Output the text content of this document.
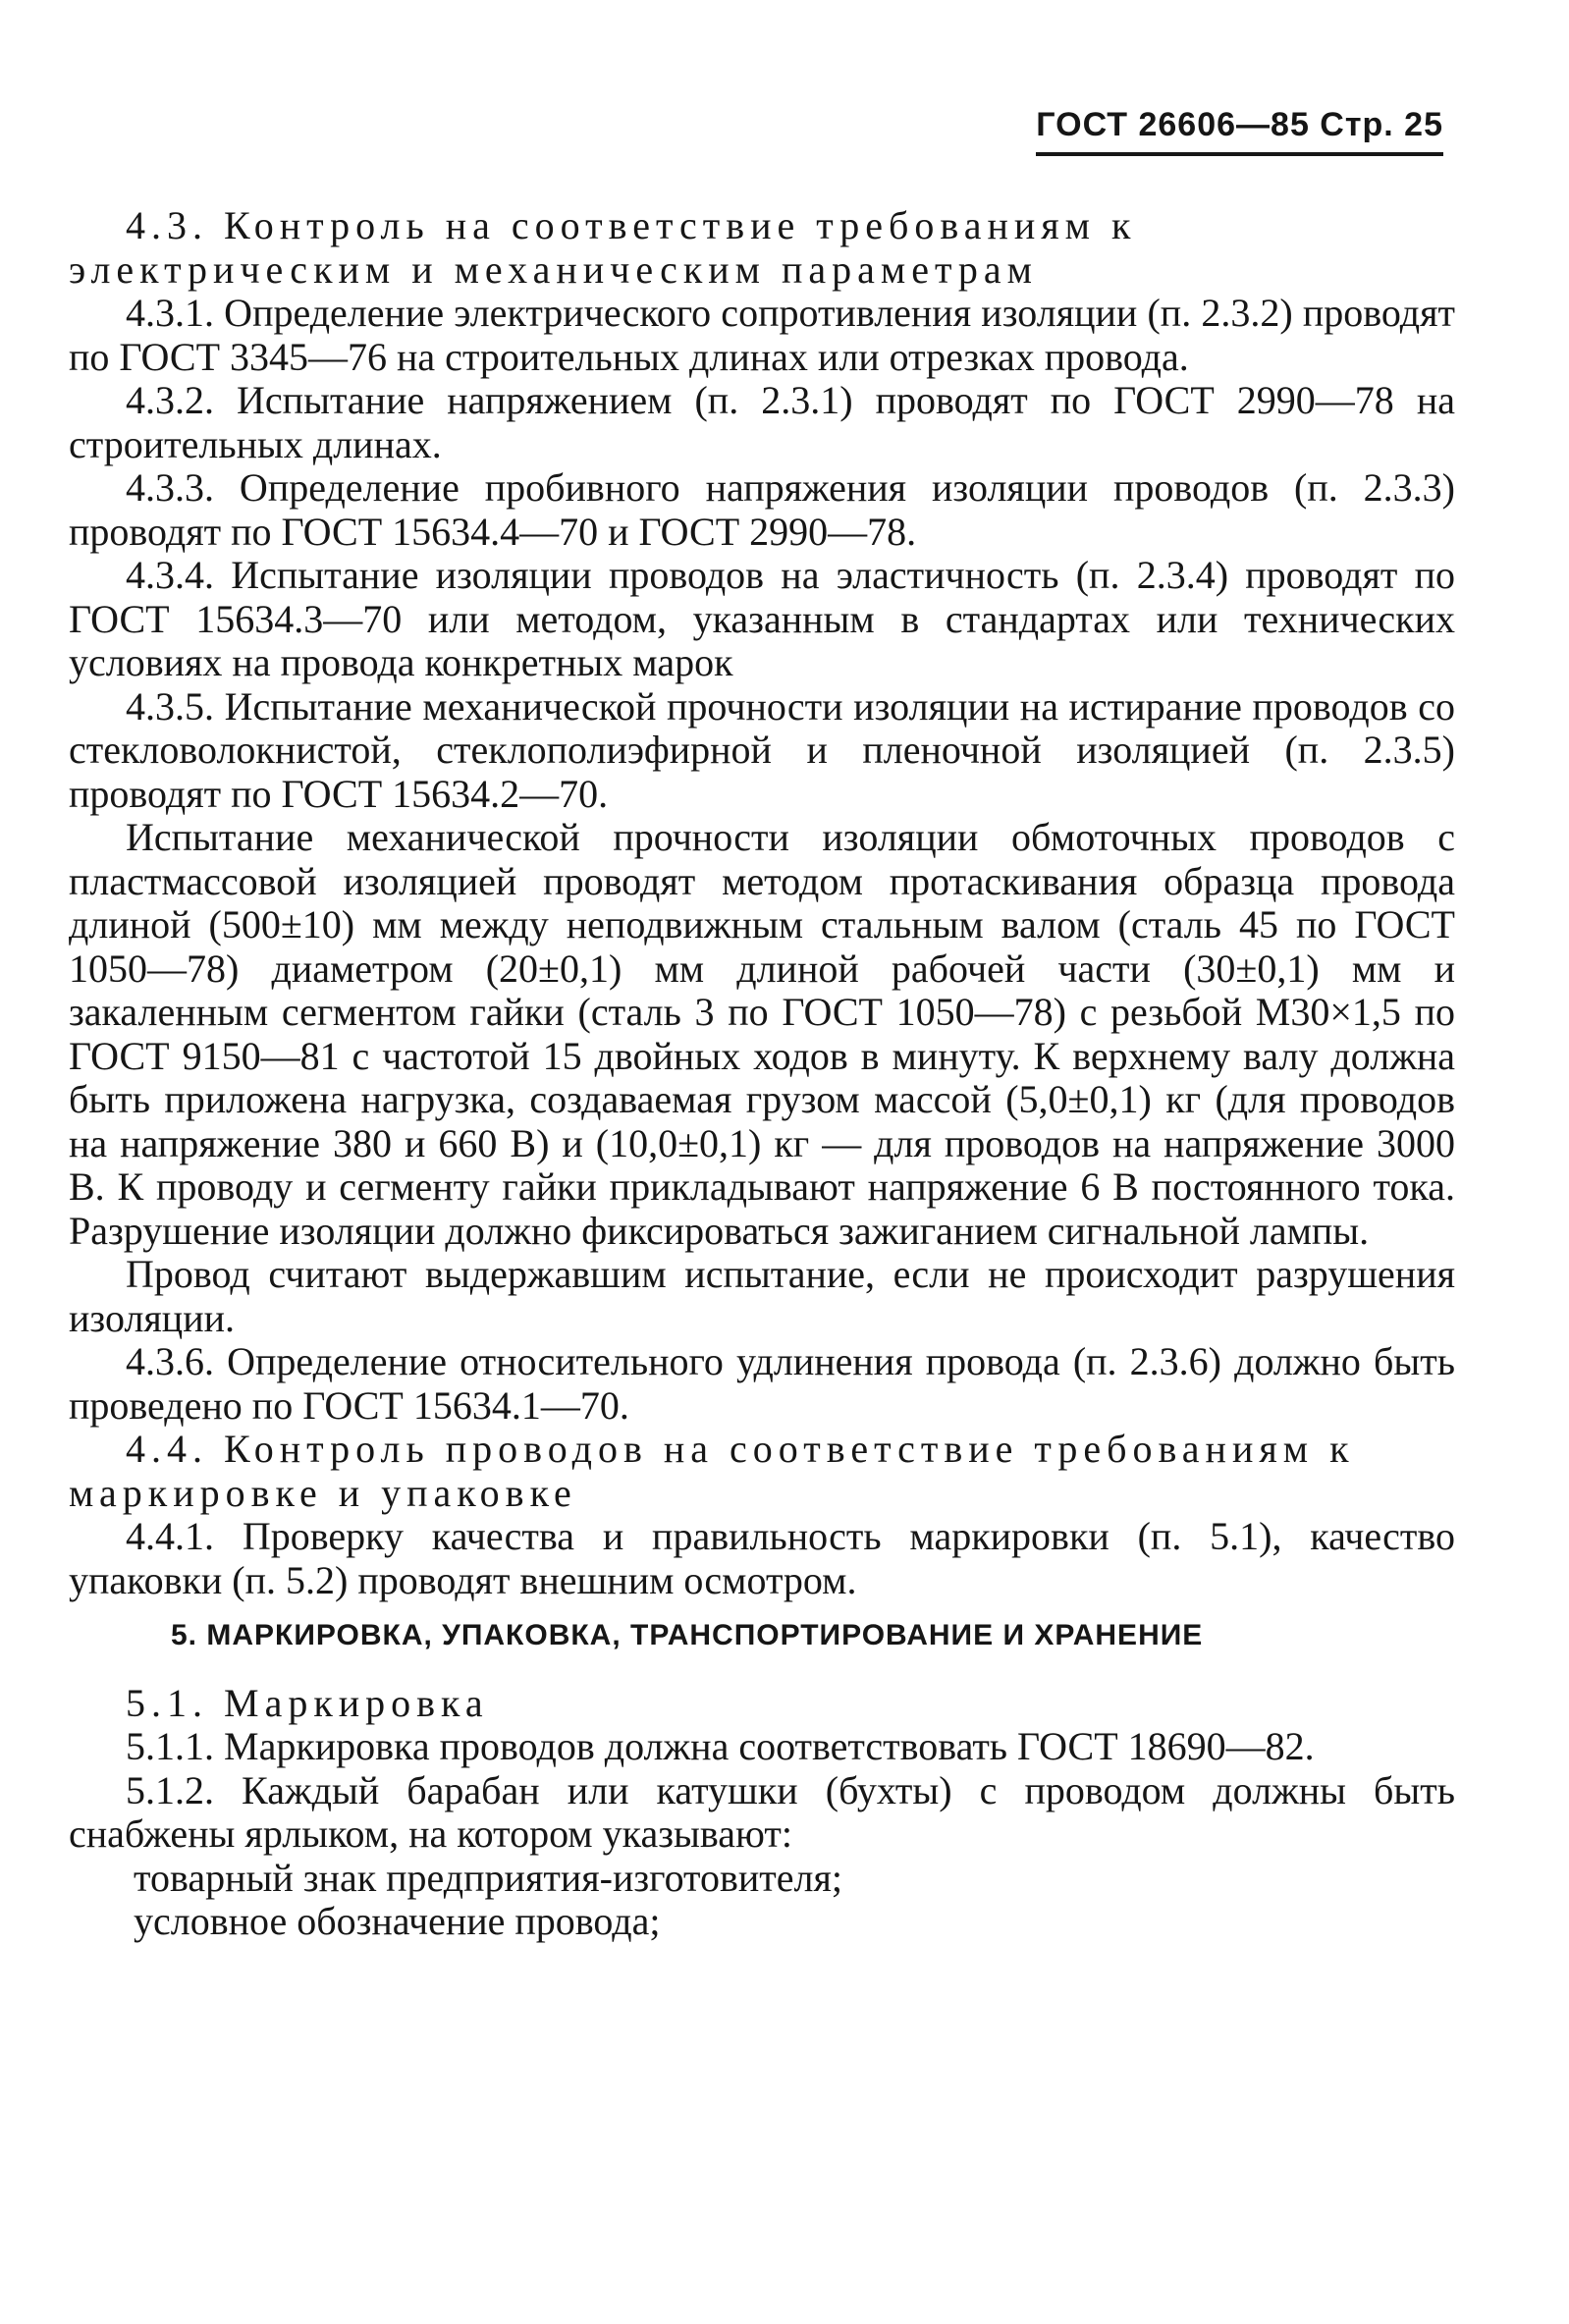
ГОСТ 26606—85 Стр. 25

4.3. Контроль на соответствие требованиям к электрическим и механическим параметрам

4.3.1. Определение электрического сопротивления изоляции (п. 2.3.2) проводят по ГОСТ 3345—76 на строительных длинах или отрезках провода.

4.3.2. Испытание напряжением (п. 2.3.1) проводят по ГОСТ 2990—78 на строительных длинах.

4.3.3. Определение пробивного напряжения изоляции проводов (п. 2.3.3) проводят по ГОСТ 15634.4—70 и ГОСТ 2990—78.

4.3.4. Испытание изоляции проводов на эластичность (п. 2.3.4) проводят по ГОСТ 15634.3—70 или методом, указанным в стандартах или технических условиях на провода конкретных марок

4.3.5. Испытание механической прочности изоляции на истирание проводов со стекловолокнистой, стеклополиэфирной и пленочной изоляцией (п. 2.3.5) проводят по ГОСТ 15634.2—70.

Испытание механической прочности изоляции обмоточных проводов с пластмассовой изоляцией проводят методом протаскивания образца провода длиной (500±10) мм между неподвижным стальным валом (сталь 45 по ГОСТ 1050—78) диаметром (20±0,1) мм длиной рабочей части (30±0,1) мм и закаленным сегментом гайки (сталь 3 по ГОСТ 1050—78) с резьбой М30×1,5 по ГОСТ 9150—81 с частотой 15 двойных ходов в минуту. К верхнему валу должна быть приложена нагрузка, создаваемая грузом массой (5,0±0,1) кг (для проводов на напряжение 380 и 660 В) и (10,0±0,1) кг — для проводов на напряжение 3000 В. К проводу и сегменту гайки прикладывают напряжение 6 В постоянного тока. Разрушение изоляции должно фиксироваться зажиганием сигнальной лампы.

Провод считают выдержавшим испытание, если не происходит разрушения изоляции.

4.3.6. Определение относительного удлинения провода (п. 2.3.6) должно быть проведено по ГОСТ 15634.1—70.

4.4. Контроль проводов на соответствие требованиям к маркировке и упаковке

4.4.1. Проверку качества и правильность маркировки (п. 5.1), качество упаковки (п. 5.2) проводят внешним осмотром.

5. МАРКИРОВКА, УПАКОВКА, ТРАНСПОРТИРОВАНИЕ И ХРАНЕНИЕ

5.1. Маркировка

5.1.1. Маркировка проводов должна соответствовать ГОСТ 18690—82.

5.1.2. Каждый барабан или катушки (бухты) с проводом должны быть снабжены ярлыком, на котором указывают:

товарный знак предприятия-изготовителя;

условное обозначение провода;
